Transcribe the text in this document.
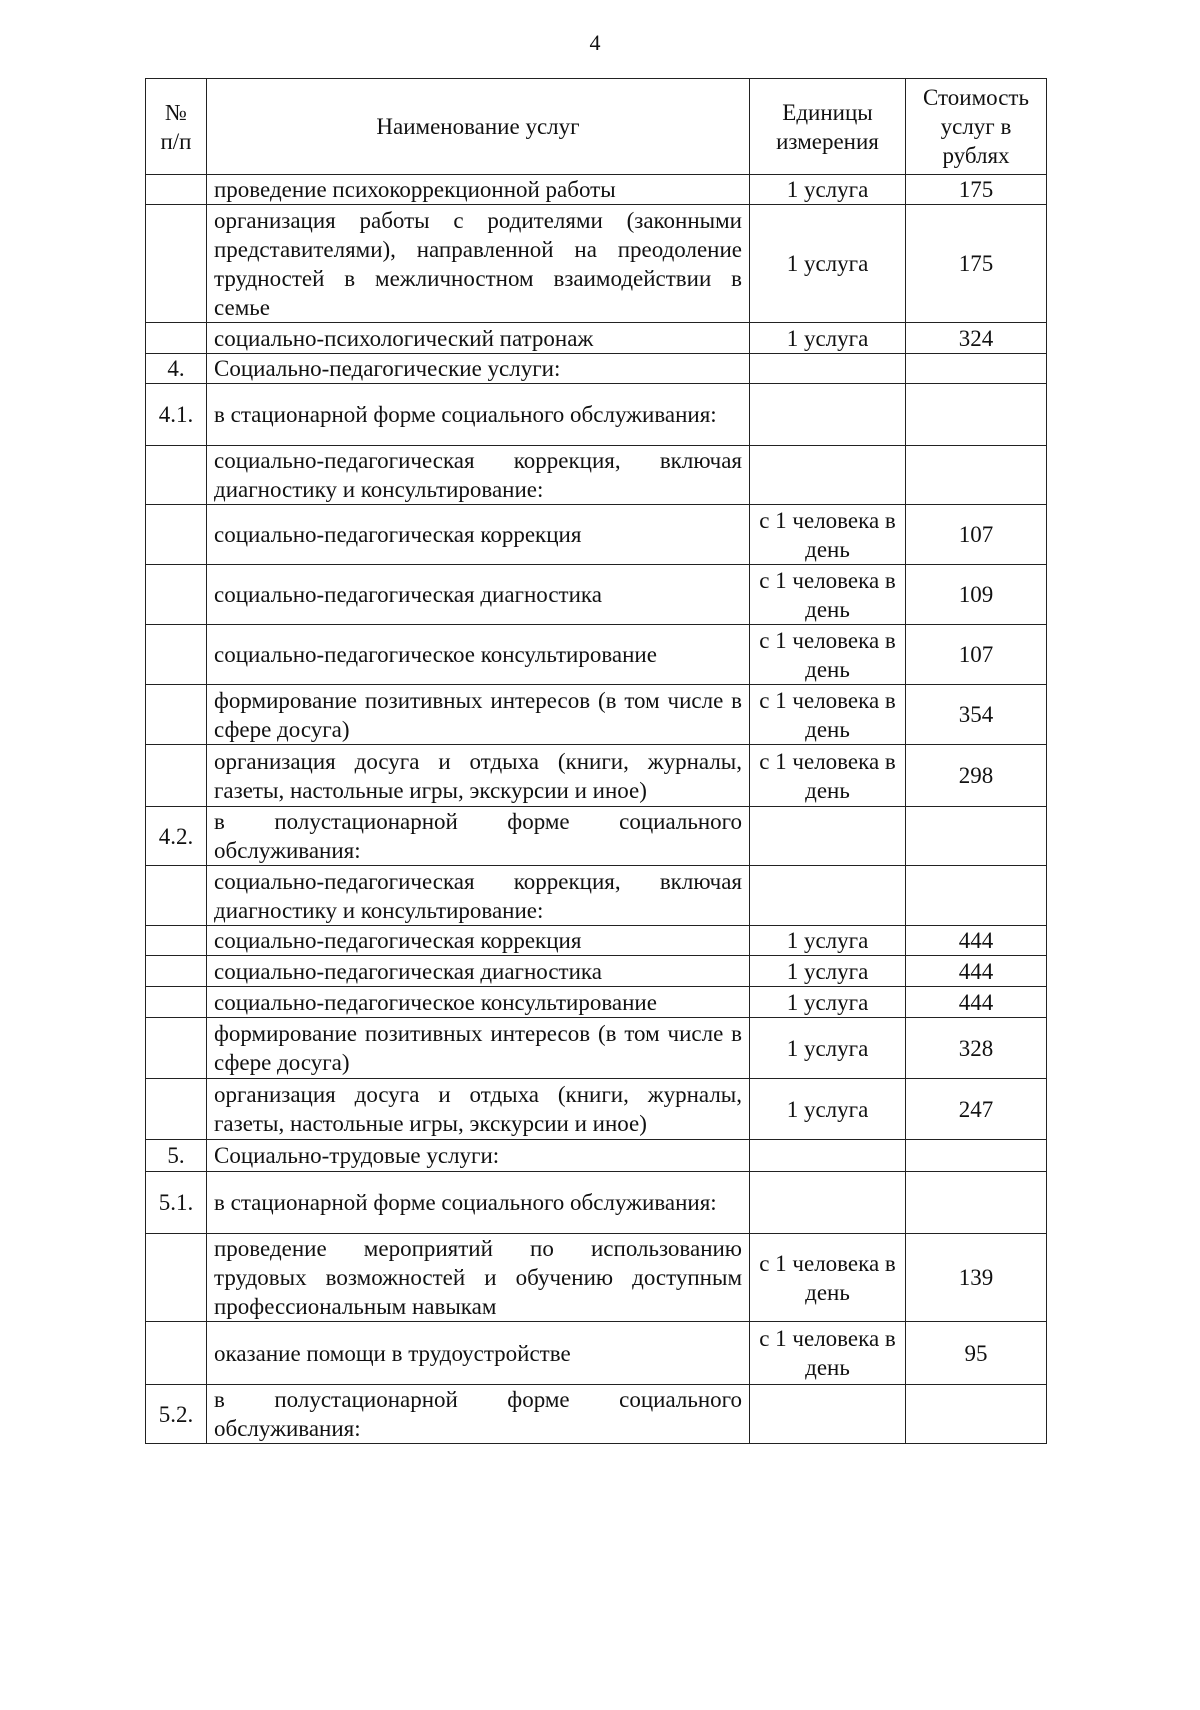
4
№ п/п	Наименование услуг	Единицы измерения	Стоимость услуг в рублях
	проведение психокоррекционной работы	1 услуга	175
	организация работы с родителями (законными представителями), направленной на преодоление трудностей в межличностном взаимодействии в семье	1 услуга	175
	социально-психологический патронаж	1 услуга	324
4.	Социально-педагогические услуги:		
4.1.	в стационарной форме социального обслуживания:		
	социально-педагогическая коррекция, включая диагностику и консультирование:		
	социально-педагогическая коррекция	с 1 человека в день	107
	социально-педагогическая диагностика	с 1 человека в день	109
	социально-педагогическое консультирование	с 1 человека в день	107
	формирование позитивных интересов (в том числе в сфере досуга)	с 1 человека в день	354
	организация досуга и отдыха (книги, журналы, газеты, настольные игры, экскурсии и иное)	с 1 человека в день	298
4.2.	в полустационарной форме социального обслуживания:		
	социально-педагогическая коррекция, включая диагностику и консультирование:		
	социально-педагогическая коррекция	1 услуга	444
	социально-педагогическая диагностика	1 услуга	444
	социально-педагогическое консультирование	1 услуга	444
	формирование позитивных интересов (в том числе в сфере досуга)	1 услуга	328
	организация досуга и отдыха (книги, журналы, газеты, настольные игры, экскурсии и иное)	1 услуга	247
5.	Социально-трудовые услуги:		
5.1.	в стационарной форме социального обслуживания:		
	проведение мероприятий по использованию трудовых возможностей и обучению доступным профессиональным навыкам	с 1 человека в день	139
	оказание помощи в трудоустройстве	с 1 человека в день	95
5.2.	в полустационарной форме социального обслуживания:		
